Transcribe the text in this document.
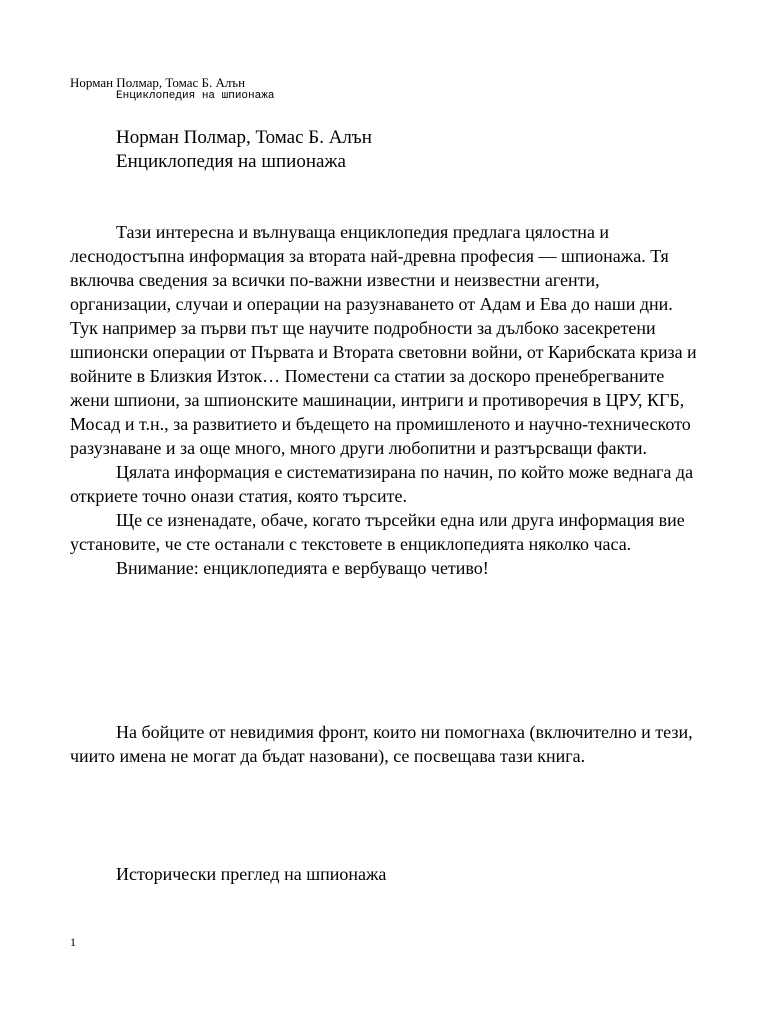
Норман Полмар, Томас Б. Алън
Енциклопедия на шпионажа
Норман Полмар, Томас Б. Алън
Енциклопедия на шпионажа

Тази интересна и вълнуваща енциклопедия предлага цялостна и леснодостъпна информация за втората най-древна професия — шпионажа. Тя включва сведения за всички по-важни известни и неизвестни агенти, организации, случаи и операции на разузнаването от Адам и Ева до наши дни. Тук например за първи път ще научите подробности за дълбоко засекретени шпионски операции от Първата и Втората световни войни, от Карибската криза и войните в Близкия Изток… Поместени са статии за доскоро пренебрегваните жени шпиони, за шпионските машинации, интриги и противоречия в ЦРУ, КГБ, Мосад и т.н., за развитието и бъдещето на промишленото и научно-техническото разузнаване и за още много, много други любопитни и разтърсващи факти.

Цялата информация е систематизирана по начин, по който може веднага да откриете точно онази статия, която търсите.

Ще се изненадате, обаче, когато търсейки една или друга информация вие установите, че сте останали с текстовете в енциклопедията няколко часа.

Внимание: енциклопедията е вербуващо четиво!

На бойците от невидимия фронт, които ни помогнаха (включително и тези, чиито имена не могат да бъдат назовани), се посвещава тази книга.

Исторически преглед на шпионажа
1
